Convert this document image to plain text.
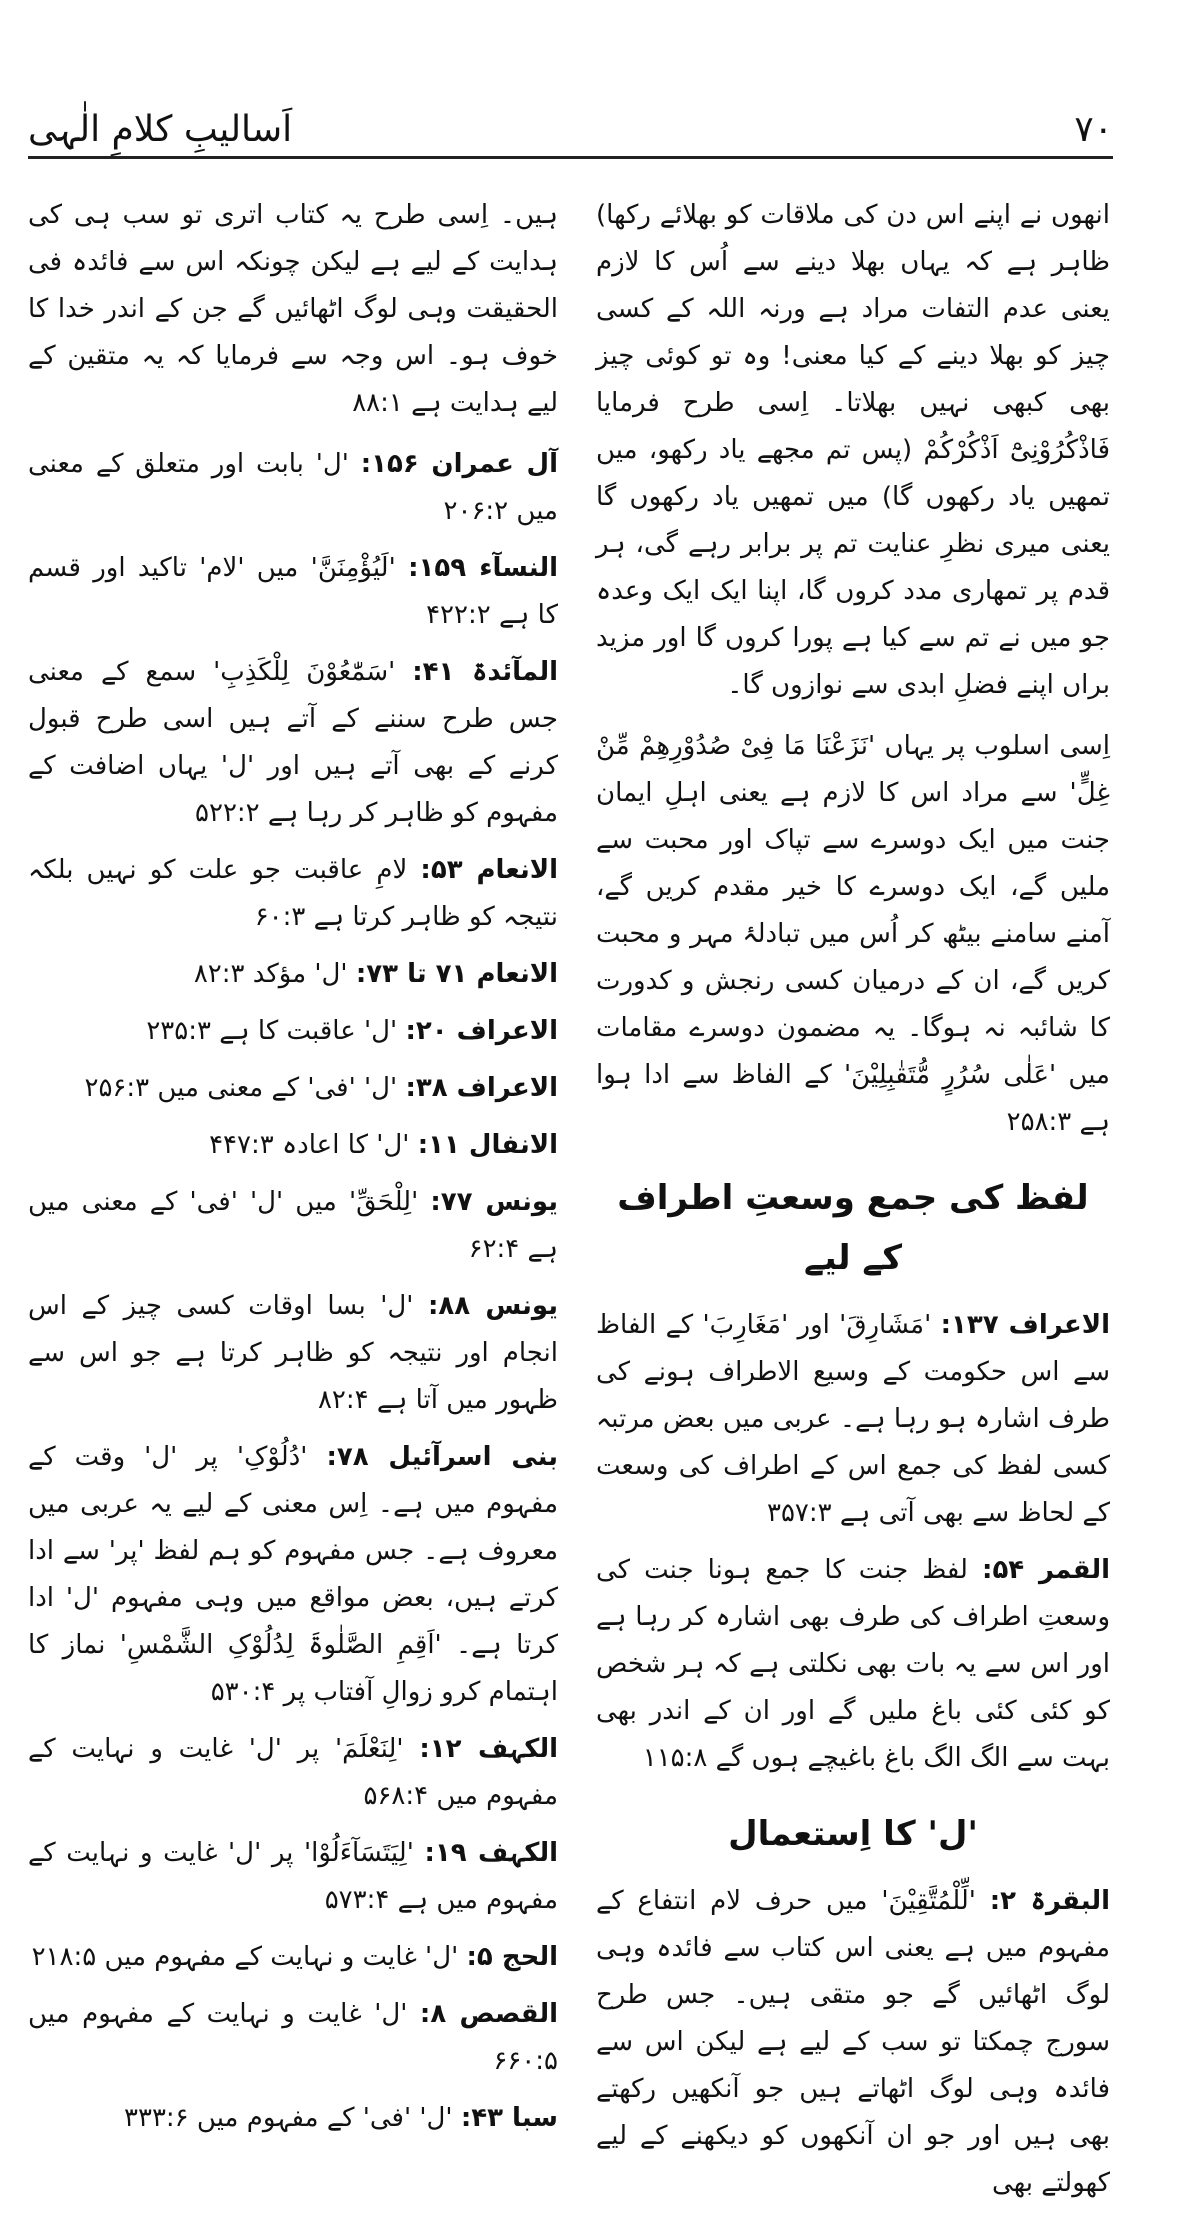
اَسالیبِ کلامِ الٰہی	۷۰

انھوں نے اپنے اس دن کی ملاقات کو بھلائے رکھا) ظاہر ہے کہ یہاں بھلا دینے سے اُس کا لازم یعنی عدم التفات مراد ہے ورنہ اللہ کے کسی چیز کو بھلا دینے کے کیا معنی! وہ تو کوئی چیز بھی کبھی نہیں بھلاتا۔ اِسی طرح فرمایا فَاذْکُرُوْنِیْٓ اَذْکُرْکُمْ (پس تم مجھے یاد رکھو، میں تمھیں یاد رکھوں گا) میں تمھیں یاد رکھوں گا یعنی میری نظرِ عنایت تم پر برابر رہے گی، ہر قدم پر تمھاری مدد کروں گا، اپنا ایک ایک وعدہ جو میں نے تم سے کیا ہے پورا کروں گا اور مزید براں اپنے فضلِ ابدی سے نوازوں گا۔

اِسی اسلوب پر یہاں 'نَزَعْنَا مَا فِیْ صُدُوْرِھِمْ مِّنْ غِلٍّ' سے مراد اس کا لازم ہے یعنی اہلِ ایمان جنت میں ایک دوسرے سے تپاک اور محبت سے ملیں گے، ایک دوسرے کا خیر مقدم کریں گے، آمنے سامنے بیٹھ کر اُس میں تبادلۂ مہر و محبت کریں گے، ان کے درمیان کسی رنجش و کدورت کا شائبہ نہ ہوگا۔ یہ مضمون دوسرے مقامات میں 'عَلٰی سُرُرٍ مُّتَقٰبِلِیْنَ' کے الفاظ سے ادا ہوا ہے ۲۵۸:۳

لفظ کی جمع وسعتِ اطراف کے لیے

الاعراف ۱۳۷: 'مَشَارِقَ' اور 'مَغَارِبَ' کے الفاظ سے اس حکومت کے وسیع الاطراف ہونے کی طرف اشارہ ہو رہا ہے۔ عربی میں بعض مرتبہ کسی لفظ کی جمع اس کے اطراف کی وسعت کے لحاظ سے بھی آتی ہے ۳۵۷:۳

القمر ۵۴: لفظ جنت کا جمع ہونا جنت کی وسعتِ اطراف کی طرف بھی اشارہ کر رہا ہے اور اس سے یہ بات بھی نکلتی ہے کہ ہر شخص کو کئی کئی باغ ملیں گے اور ان کے اندر بھی بہت سے الگ الگ باغ باغیچے ہوں گے ۱۱۵:۸

'ل' کا اِستعمال

البقرۃ ۲: 'لِّلْمُتَّقِیْنَ' میں حرف لام انتفاع کے مفہوم میں ہے یعنی اس کتاب سے فائدہ وہی لوگ اٹھائیں گے جو متقی ہیں۔ جس طرح سورج چمکتا تو سب کے لیے ہے لیکن اس سے فائدہ وہی لوگ اٹھاتے ہیں جو آنکھیں رکھتے بھی ہیں اور جو ان آنکھوں کو دیکھنے کے لیے کھولتے بھی

ہیں۔ اِسی طرح یہ کتاب اتری تو سب ہی کی ہدایت کے لیے ہے لیکن چونکہ اس سے فائدہ فی الحقیقت وہی لوگ اٹھائیں گے جن کے اندر خدا کا خوف ہو۔ اس وجہ سے فرمایا کہ یہ متقین کے لیے ہدایت ہے ۸۸:۱

آل عمران ۱۵۶: 'ل' بابت اور متعلق کے معنی میں ۲۰۶:۲

النسآء ۱۵۹: 'لَیُؤْمِنَنَّ' میں 'لام' تاکید اور قسم کا ہے ۴۲۲:۲

المآئدۃ ۴۱: 'سَمّٰعُوْنَ لِلْکَذِبِ' سمع کے معنی جس طرح سننے کے آتے ہیں اسی طرح قبول کرنے کے بھی آتے ہیں اور 'ل' یہاں اضافت کے مفہوم کو ظاہر کر رہا ہے ۵۲۲:۲

الانعام ۵۳: لامِ عاقبت جو علت کو نہیں بلکہ نتیجہ کو ظاہر کرتا ہے ۶۰:۳

الانعام ۷۱ تا ۷۳: 'ل' مؤکد ۸۲:۳

الاعراف ۲۰: 'ل' عاقبت کا ہے ۲۳۵:۳

الاعراف ۳۸: 'ل' 'فی' کے معنی میں ۲۵۶:۳

الانفال ۱۱: 'ل' کا اعادہ ۴۴۷:۳

یونس ۷۷: 'لِلْحَقِّ' میں 'ل' 'فی' کے معنی میں ہے ۶۲:۴

یونس ۸۸: 'ل' بسا اوقات کسی چیز کے اس انجام اور نتیجہ کو ظاہر کرتا ہے جو اس سے ظہور میں آتا ہے ۸۲:۴

بنی اسرآئیل ۷۸: 'دُلُوْکِ' پر 'ل' وقت کے مفہوم میں ہے۔ اِس معنی کے لیے یہ عربی میں معروف ہے۔ جس مفہوم کو ہم لفظ 'پر' سے ادا کرتے ہیں، بعض مواقع میں وہی مفہوم 'ل' ادا کرتا ہے۔ 'اَقِمِ الصَّلٰوۃَ لِدُلُوْکِ الشَّمْسِ' نماز کا اہتمام کرو زوالِ آفتاب پر ۵۳۰:۴

الکہف ۱۲: 'لِنَعْلَمَ' پر 'ل' غایت و نہایت کے مفہوم میں ۵۶۸:۴

الکہف ۱۹: 'لِیَتَسَآءَلُوْا' پر 'ل' غایت و نہایت کے مفہوم میں ہے ۵۷۳:۴

الحج ۵: 'ل' غایت و نہایت کے مفہوم میں ۲۱۸:۵

القصص ۸: 'ل' غایت و نہایت کے مفہوم میں ۶۶۰:۵

سبا ۴۳: 'ل' 'فی' کے مفہوم میں ۳۳۳:۶
